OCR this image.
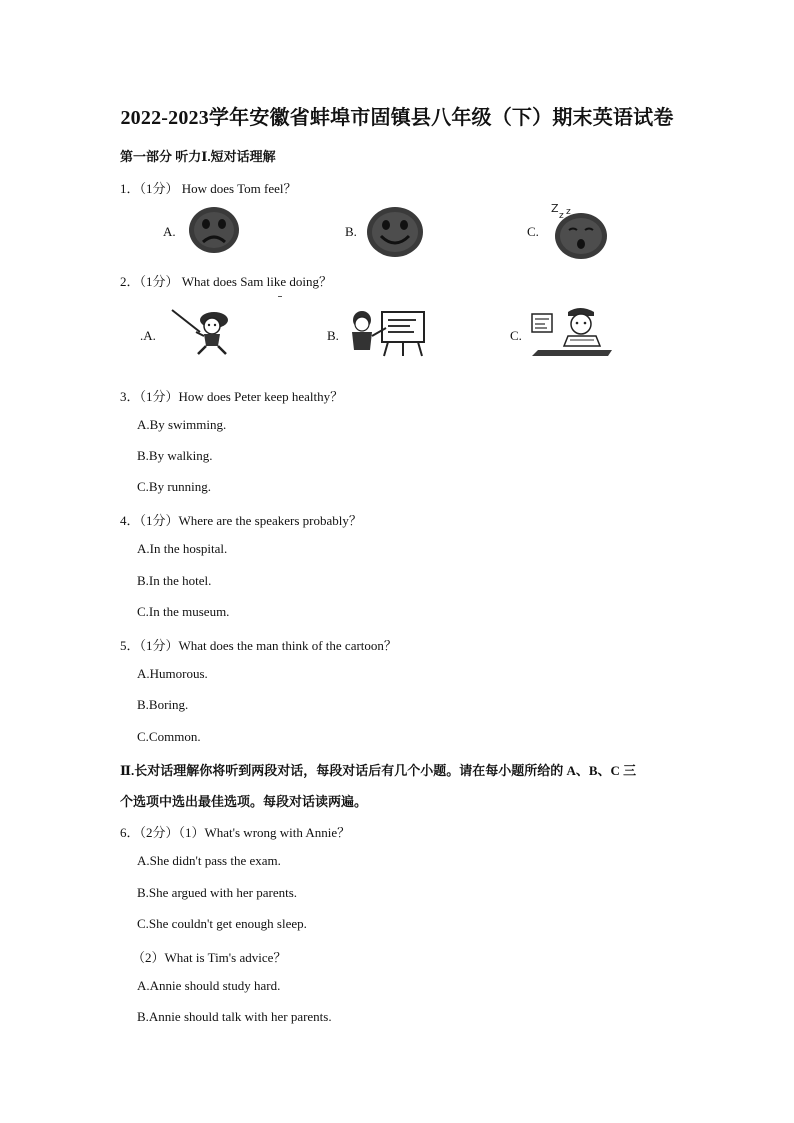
2022-2023学年安徽省蚌埠市固镇县八年级（下）期末英语试卷
第一部分 听力Ⅰ.短对话理解
1．（1分） How does Tom feel？
A.	B.	C.
Z
z z
2．（1分） What does Sam like doing？
.A.	B.	C.
3．（1分）How does Peter keep healthy？
A.By swimming.
B.By walking.
C.By running.
4．（1分）Where are the speakers probably？
A.In the hospital.
B.In the hotel.
C.In the museum.
5．（1分）What does the man think of the cartoon？
A.Humorous.
B.Boring.
C.Common.
Ⅱ.长对话理解你将听到两段对话，每段对话后有几个小题。请在每小题所给的 A、B、C 三
个选项中选出最佳选项。每段对话读两遍。
6．（2分）（1）What's wrong with Annie？
A.She didn't pass the exam.
B.She argued with her parents.
C.She couldn't get enough sleep.
（2）What is Tim's advice？
A.Annie should study hard.
B.Annie should talk with her parents.
